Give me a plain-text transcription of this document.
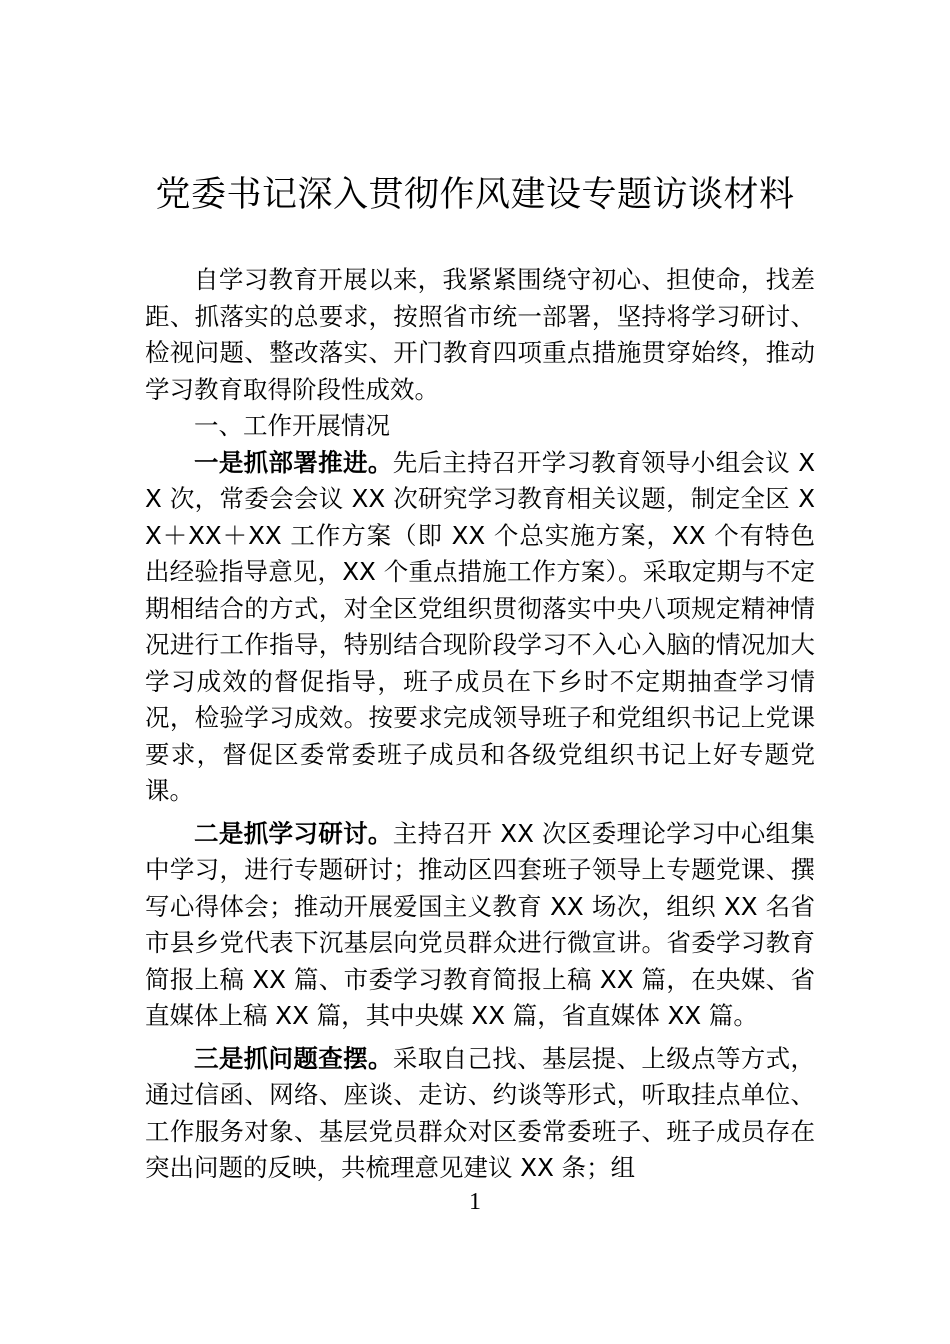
党委书记深入贯彻作风建设专题访谈材料

自学习教育开展以来，我紧紧围绕守初心、担使命，找差距、抓落实的总要求，按照省市统一部署，坚持将学习研讨、检视问题、整改落实、开门教育四项重点措施贯穿始终，推动学习教育取得阶段性成效。

一、工作开展情况

一是抓部署推进。先后主持召开学习教育领导小组会议 XX 次，常委会会议 XX 次研究学习教育相关议题，制定全区 XX＋XX＋XX 工作方案（即 XX 个总实施方案，XX 个有特色出经验指导意见，XX 个重点措施工作方案）。采取定期与不定期相结合的方式，对全区党组织贯彻落实中央八项规定精神情况进行工作指导，特别结合现阶段学习不入心入脑的情况加大学习成效的督促指导，班子成员在下乡时不定期抽查学习情况，检验学习成效。按要求完成领导班子和党组织书记上党课要求，督促区委常委班子成员和各级党组织书记上好专题党课。

二是抓学习研讨。主持召开 XX 次区委理论学习中心组集中学习，进行专题研讨；推动区四套班子领导上专题党课、撰写心得体会；推动开展爱国主义教育 XX 场次，组织 XX 名省市县乡党代表下沉基层向党员群众进行微宣讲。省委学习教育简报上稿 XX 篇、市委学习教育简报上稿 XX 篇，在央媒、省直媒体上稿 XX 篇，其中央媒 XX 篇，省直媒体 XX 篇。

三是抓问题查摆。采取自己找、基层提、上级点等方式，通过信函、网络、座谈、走访、约谈等形式，听取挂点单位、工作服务对象、基层党员群众对区委常委班子、班子成员存在突出问题的反映，共梳理意见建议 XX 条；组

1
